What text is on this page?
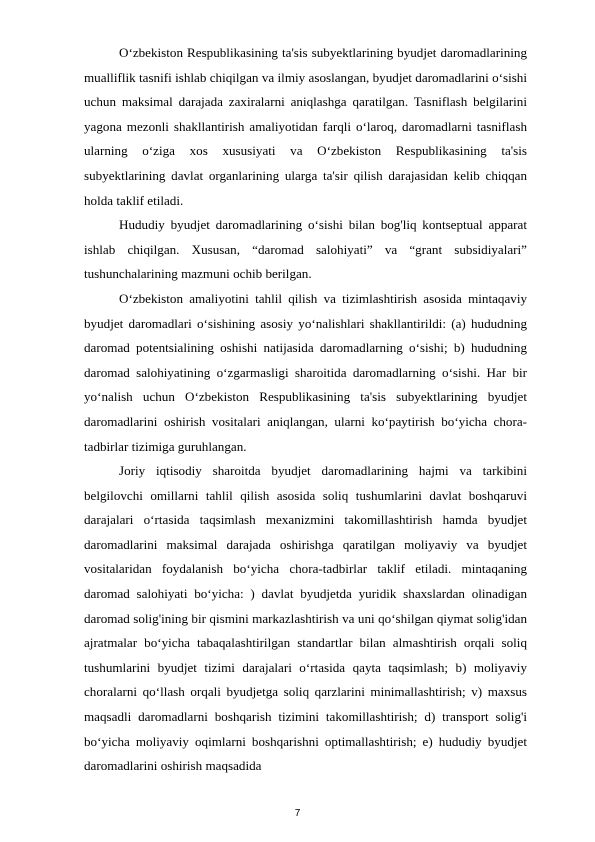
O‘zbekiston Respublikasining ta'sis subyektlarining byudjet daromadlarining mualliflik tasnifi ishlab chiqilgan va ilmiy asoslangan, byudjet daromadlarini o‘sishi uchun maksimal darajada zaxiralarni aniqlashga qaratilgan. Tasniflash belgilarini yagona mezonli shakllantirish amaliyotidan farqli o‘laroq, daromadlarni tasniflash ularning o‘ziga xos xususiyati va O‘zbekiston Respublikasining ta'sis subyektlarining davlat organlarining ularga ta'sir qilish darajasidan kelib chiqqan holda taklif etiladi.

Hududiy byudjet daromadlarining o‘sishi bilan bog'liq kontseptual apparat ishlab chiqilgan. Xususan, “daromad salohiyati” va “grant subsidiyalari” tushunchalarining mazmuni ochib berilgan.

O‘zbekiston amaliyotini tahlil qilish va tizimlashtirish asosida mintaqaviy byudjet daromadlari o‘sishining asosiy yo‘nalishlari shakllantirildi: (a) hududning daromad potentsialining oshishi natijasida daromadlarning o‘sishi; b) hududning daromad salohiyatining o‘zgarmasligi sharoitida daromadlarning o‘sishi. Har bir yo‘nalish uchun O‘zbekiston Respublikasining ta'sis subyektlarining byudjet daromadlarini oshirish vositalari aniqlangan, ularni ko‘paytirish bo‘yicha chora-tadbirlar tizimiga guruhlangan.

Joriy iqtisodiy sharoitda byudjet daromadlarining hajmi va tarkibini belgilovchi omillarni tahlil qilish asosida soliq tushumlarini davlat boshqaruvi darajalari o‘rtasida taqsimlash mexanizmini takomillashtirish hamda byudjet daromadlarini maksimal darajada oshirishga qaratilgan moliyaviy va byudjet vositalaridan foydalanish bo‘yicha chora-tadbirlar taklif etiladi. mintaqaning daromad salohiyati bo‘yicha: ) davlat byudjetda yuridik shaxslardan olinadigan daromad solig'ining bir qismini markazlashtirish va uni qo‘shilgan qiymat solig'idan ajratmalar bo‘yicha tabaqalashtirilgan standartlar bilan almashtirish orqali soliq tushumlarini byudjet tizimi darajalari o‘rtasida qayta taqsimlash; b) moliyaviy choralarni qo‘llash orqali byudjetga soliq qarzlarini minimallashtirish; v) maxsus maqsadli daromadlarni boshqarish tizimini takomillashtirish; d) transport solig'i bo‘yicha moliyaviy oqimlarni boshqarishni optimallashtirish; e) hududiy byudjet daromadlarini oshirish maqsadida

7
